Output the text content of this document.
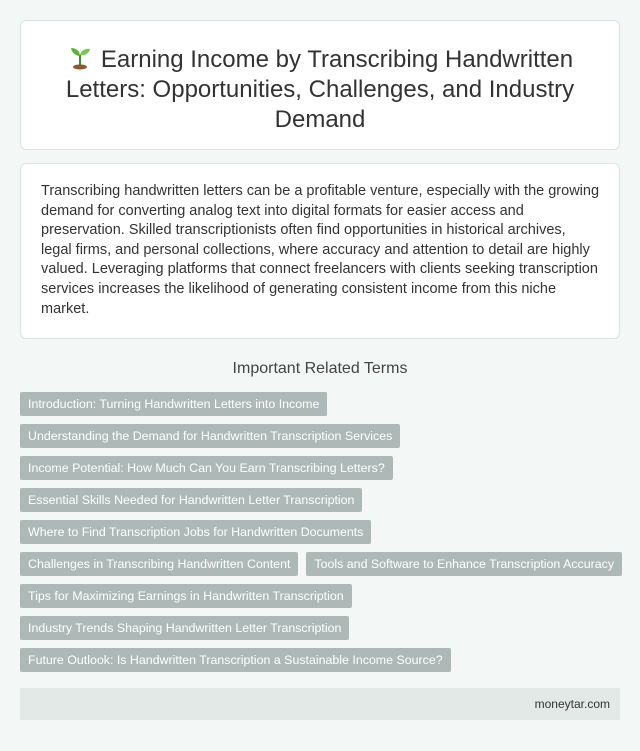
Earning Income by Transcribing Handwritten Letters: Opportunities, Challenges, and Industry Demand

Transcribing handwritten letters can be a profitable venture, especially with the growing demand for converting analog text into digital formats for easier access and preservation. Skilled transcriptionists often find opportunities in historical archives, legal firms, and personal collections, where accuracy and attention to detail are highly valued. Leveraging platforms that connect freelancers with clients seeking transcription services increases the likelihood of generating consistent income from this niche market.

Important Related Terms
Introduction: Turning Handwritten Letters into Income
Understanding the Demand for Handwritten Transcription Services
Income Potential: How Much Can You Earn Transcribing Letters?
Essential Skills Needed for Handwritten Letter Transcription
Where to Find Transcription Jobs for Handwritten Documents
Challenges in Transcribing Handwritten Content	Tools and Software to Enhance Transcription Accuracy
Tips for Maximizing Earnings in Handwritten Transcription
Industry Trends Shaping Handwritten Letter Transcription
Future Outlook: Is Handwritten Transcription a Sustainable Income Source?
moneytar.com
